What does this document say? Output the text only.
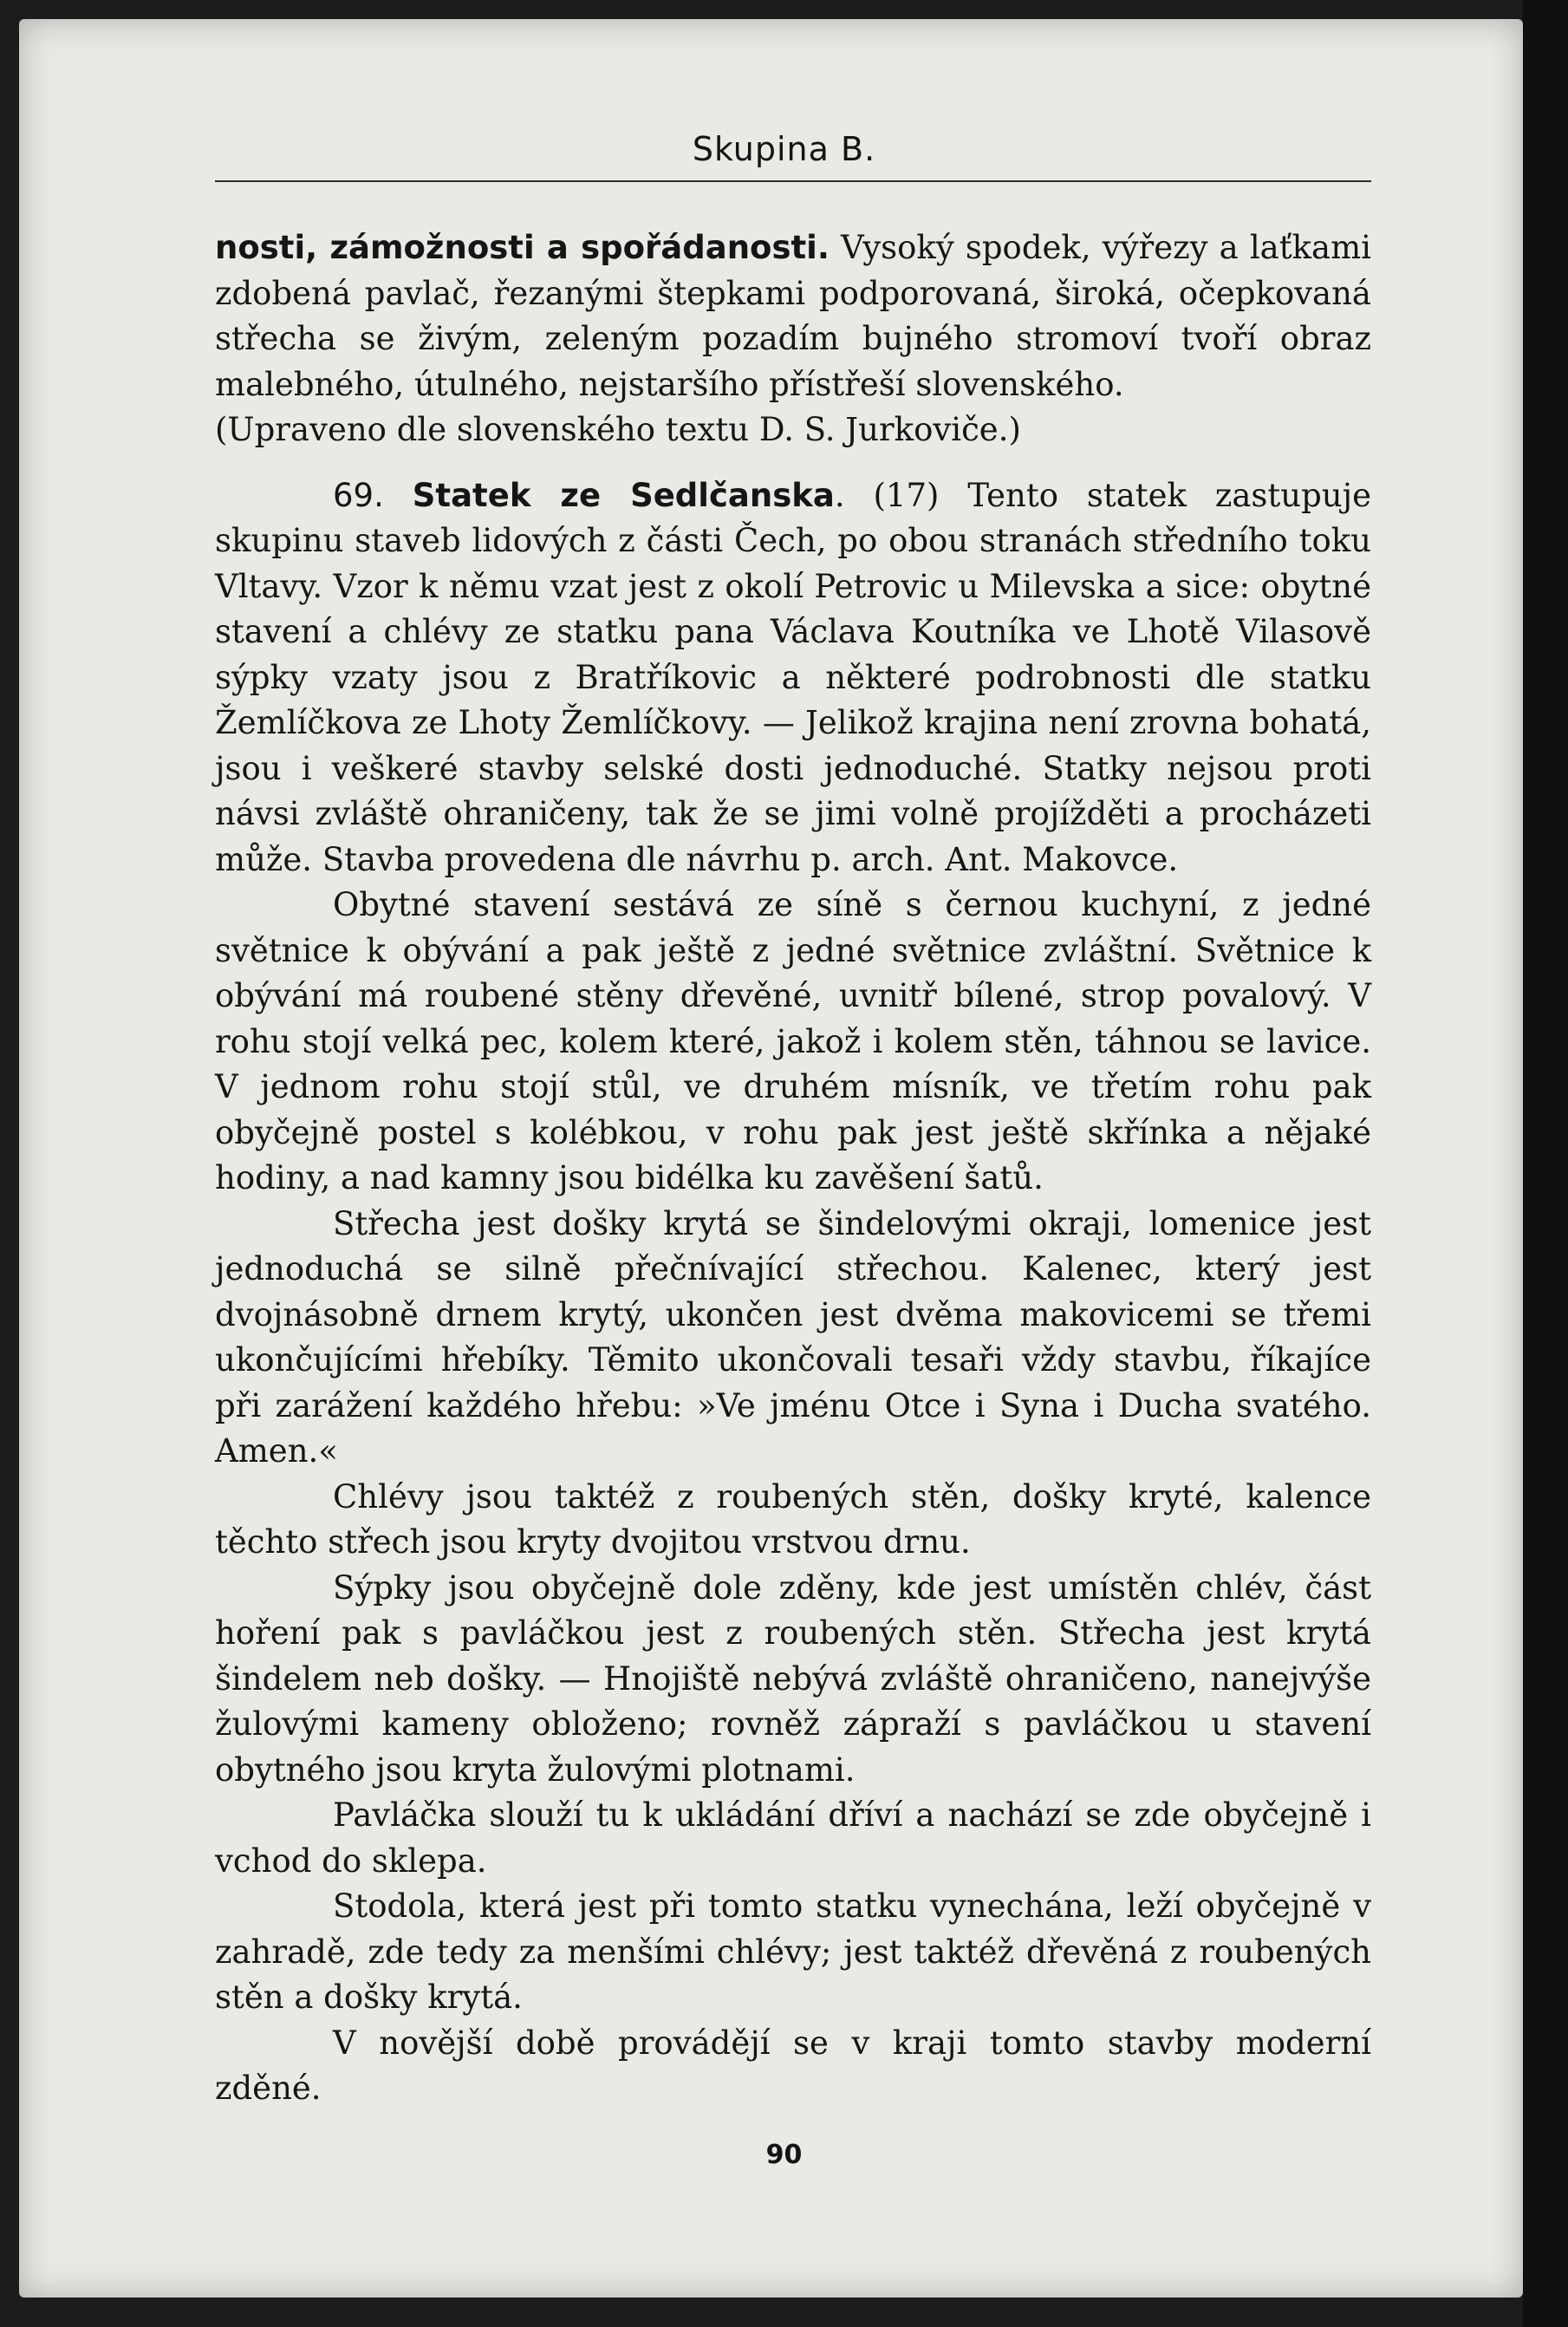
Skupina B.

nosti, zámožnosti a spořádanosti. Vysoký spodek, výřezy a laťkami zdobená pavlač, řezanými štepkami podporovaná, široká, očepkovaná střecha se živým, zeleným pozadím bujného stromoví tvoří obraz malebného, útulného, nejstaršího přístřeší slovenského.

(Upraveno dle slovenského textu D. S. Jurkoviče.)

69. Statek ze Sedlčanska. (17) Tento statek zastupuje skupinu staveb lidových z části Čech, po obou stranách středního toku Vltavy. Vzor k němu vzat jest z okolí Petrovic u Milevska a sice: obytné stavení a chlévy ze statku pana Václava Koutníka ve Lhotě Vilasově sýpky vzaty jsou z Bratříkovic a některé podrobnosti dle statku Žemlíčkova ze Lhoty Žemlíčkovy. — Jelikož krajina není zrovna bohatá, jsou i veškeré stavby selské dosti jednoduché. Statky nejsou proti návsi zvláště ohraničeny, tak že se jimi volně projížděti a procházeti může. Stavba provedena dle návrhu p. arch. Ant. Makovce.

Obytné stavení sestává ze síně s černou kuchyní, z jedné světnice k obývání a pak ještě z jedné světnice zvláštní. Světnice k obývání má roubené stěny dřevěné, uvnitř bílené, strop povalový. V rohu stojí velká pec, kolem které, jakož i kolem stěn, táhnou se lavice. V jednom rohu stojí stůl, ve druhém mísník, ve třetím rohu pak obyčejně postel s kolébkou, v rohu pak jest ještě skřínka a nějaké hodiny, a nad kamny jsou bidélka ku zavěšení šatů.

Střecha jest došky krytá se šindelovými okraji, lomenice jest jednoduchá se silně přečnívající střechou. Kalenec, který jest dvojnásobně drnem krytý, ukončen jest dvěma makovicemi se třemi ukončujícími hřebíky. Těmito ukončovali tesaři vždy stavbu, říkajíce při zarážení každého hřebu: »Ve jménu Otce i Syna i Ducha svatého. Amen.«

Chlévy jsou taktéž z roubených stěn, došky kryté, kalence těchto střech jsou kryty dvojitou vrstvou drnu.

Sýpky jsou obyčejně dole zděny, kde jest umístěn chlév, část hoření pak s pavláčkou jest z roubených stěn. Střecha jest krytá šindelem neb došky. — Hnojiště nebývá zvláště ohraničeno, nanejvýše žulovými kameny obloženo; rovněž zápraží s pavláčkou u stavení obytného jsou kryta žulovými plotnami.

Pavláčka slouží tu k ukládání dříví a nachází se zde obyčejně i vchod do sklepa.

Stodola, která jest při tomto statku vynechána, leží obyčejně v zahradě, zde tedy za menšími chlévy; jest taktéž dřevěná z roubených stěn a došky krytá.

V novější době provádějí se v kraji tomto stavby moderní zděné.

90
